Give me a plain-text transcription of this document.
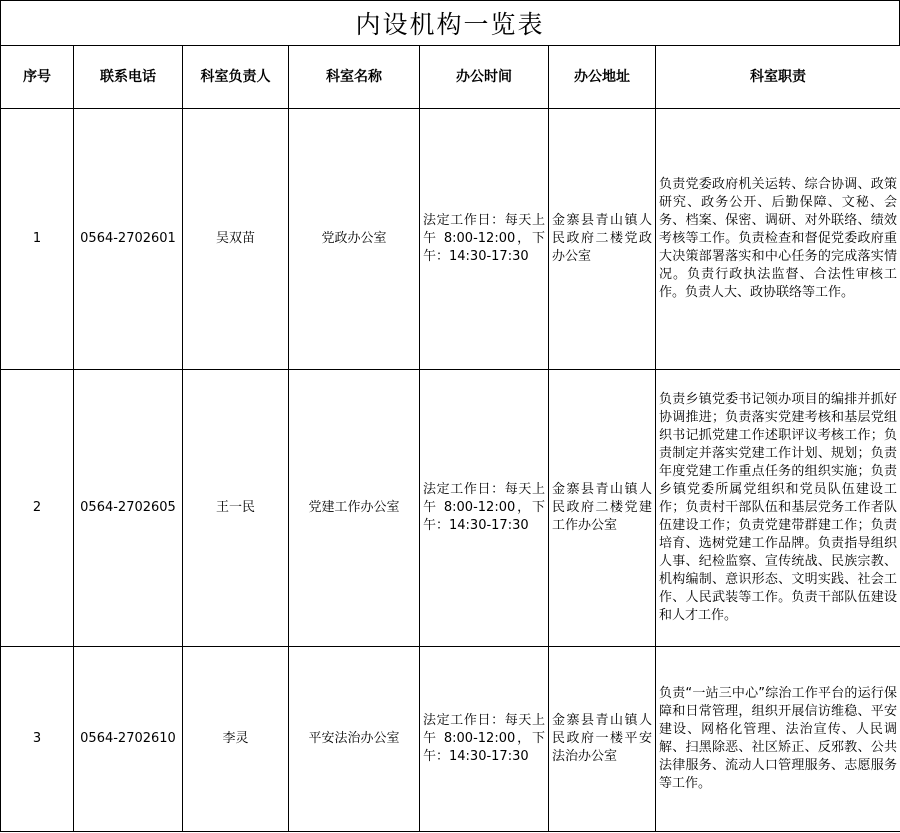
内设机构一览表
序号	联系电话	科室负责人	科室名称	办公时间	办公地址	科室职责
1	0564-2702601	吴双苗	党政办公室	法定工作日：每天上午 8:00-12:00，下午：14:30-17:30	金寨县青山镇人民政府二楼党政办公室	负责党委政府机关运转、综合协调、政策研究、政务公开、后勤保障、文秘、会务、档案、保密、调研、对外联络、绩效考核等工作。负责检查和督促党委政府重大决策部署落实和中心任务的完成落实情况。负责行政执法监督、合法性审核工作。负责人大、政协联络等工作。
2	0564-2702605	王一民	党建工作办公室	法定工作日：每天上午 8:00-12:00，下午：14:30-17:30	金寨县青山镇人民政府二楼党建工作办公室	负责乡镇党委书记领办项目的编排并抓好协调推进；负责落实党建考核和基层党组织书记抓党建工作述职评议考核工作；负责制定并落实党建工作计划、规划；负责年度党建工作重点任务的组织实施；负责乡镇党委所属党组织和党员队伍建设工作；负责村干部队伍和基层党务工作者队伍建设工作；负责党建带群建工作；负责培育、选树党建工作品牌。负责指导组织人事、纪检监察、宣传统战、民族宗教、机构编制、意识形态、文明实践、社会工作、人民武装等工作。负责干部队伍建设和人才工作。
3	0564-2702610	李灵	平安法治办公室	法定工作日：每天上午 8:00-12:00，下午：14:30-17:30	金寨县青山镇人民政府一楼平安法治办公室	负责“一站三中心”综治工作平台的运行保障和日常管理，组织开展信访维稳、平安建设、网格化管理、法治宣传、人民调解、扫黑除恶、社区矫正、反邪教、公共法律服务、流动人口管理服务、志愿服务等工作。
